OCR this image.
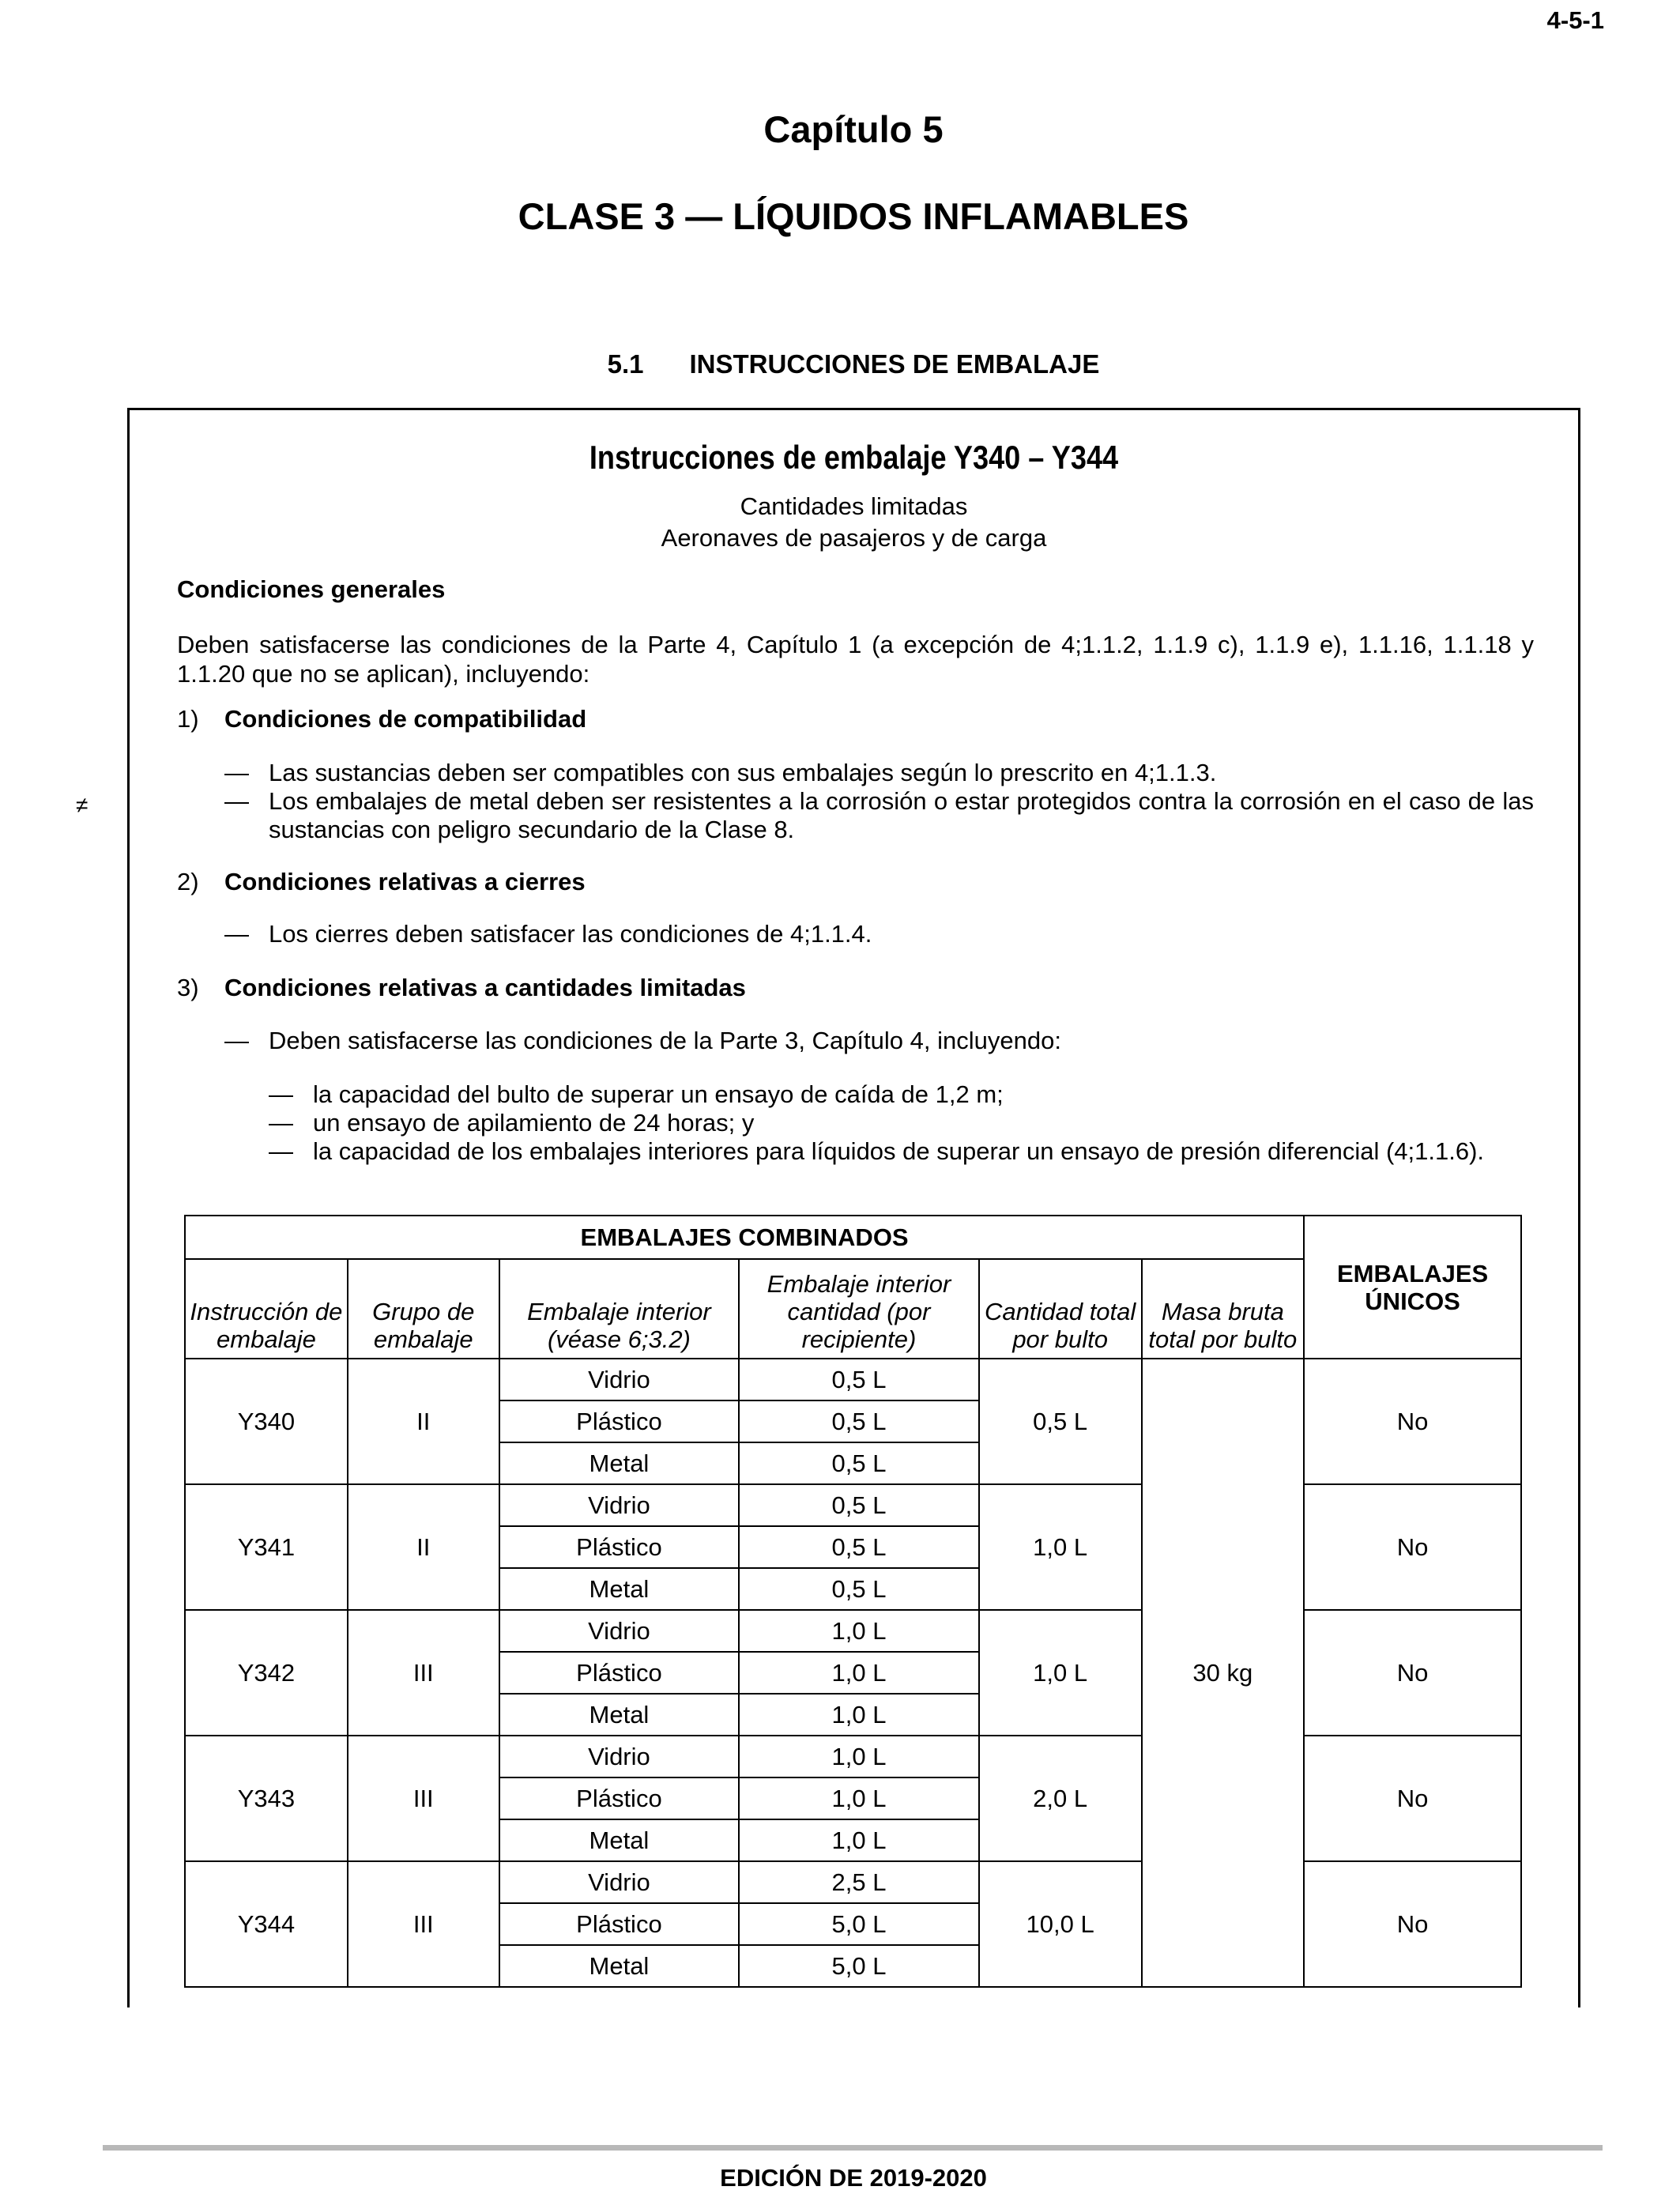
4-5-1
Capítulo 5
CLASE 3 — LÍQUIDOS INFLAMABLES
5.1 INSTRUCCIONES DE EMBALAJE
≠
Instrucciones de embalaje Y340 – Y344
Cantidades limitadas
Aeronaves de pasajeros y de carga
Condiciones generales
Deben satisfacerse las condiciones de la Parte 4, Capítulo 1 (a excepción de 4;1.1.2, 1.1.9 c), 1.1.9 e), 1.1.16, 1.1.18 y 1.1.20 que no se aplican), incluyendo:
1) Condiciones de compatibilidad
— Las sustancias deben ser compatibles con sus embalajes según lo prescrito en 4;1.1.3.
— Los embalajes de metal deben ser resistentes a la corrosión o estar protegidos contra la corrosión en el caso de las sustancias con peligro secundario de la Clase 8.
2) Condiciones relativas a cierres
— Los cierres deben satisfacer las condiciones de 4;1.1.4.
3) Condiciones relativas a cantidades limitadas
— Deben satisfacerse las condiciones de la Parte 3, Capítulo 4, incluyendo:
— la capacidad del bulto de superar un ensayo de caída de 1,2 m;
— un ensayo de apilamiento de 24 horas; y
— la capacidad de los embalajes interiores para líquidos de superar un ensayo de presión diferencial (4;1.1.6).
EMBALAJES COMBINADOS						EMBALAJES ÚNICOS
Instrucción de embalaje	Grupo de embalaje	Embalaje interior (véase 6;3.2)	Embalaje interior cantidad (por recipiente)	Cantidad total por bulto	Masa bruta total por bulto	
Y340	II	Vidrio	0,5 L	0,5 L	30 kg	No
		Plástico	0,5 L			
		Metal	0,5 L			
Y341	II	Vidrio	0,5 L	1,0 L		No
		Plástico	0,5 L			
		Metal	0,5 L			
Y342	III	Vidrio	1,0 L	1,0 L		No
		Plástico	1,0 L			
		Metal	1,0 L			
Y343	III	Vidrio	1,0 L	2,0 L		No
		Plástico	1,0 L			
		Metal	1,0 L			
Y344	III	Vidrio	2,5 L	10,0 L		No
		Plástico	5,0 L			
		Metal	5,0 L			
EDICIÓN DE 2019-2020
